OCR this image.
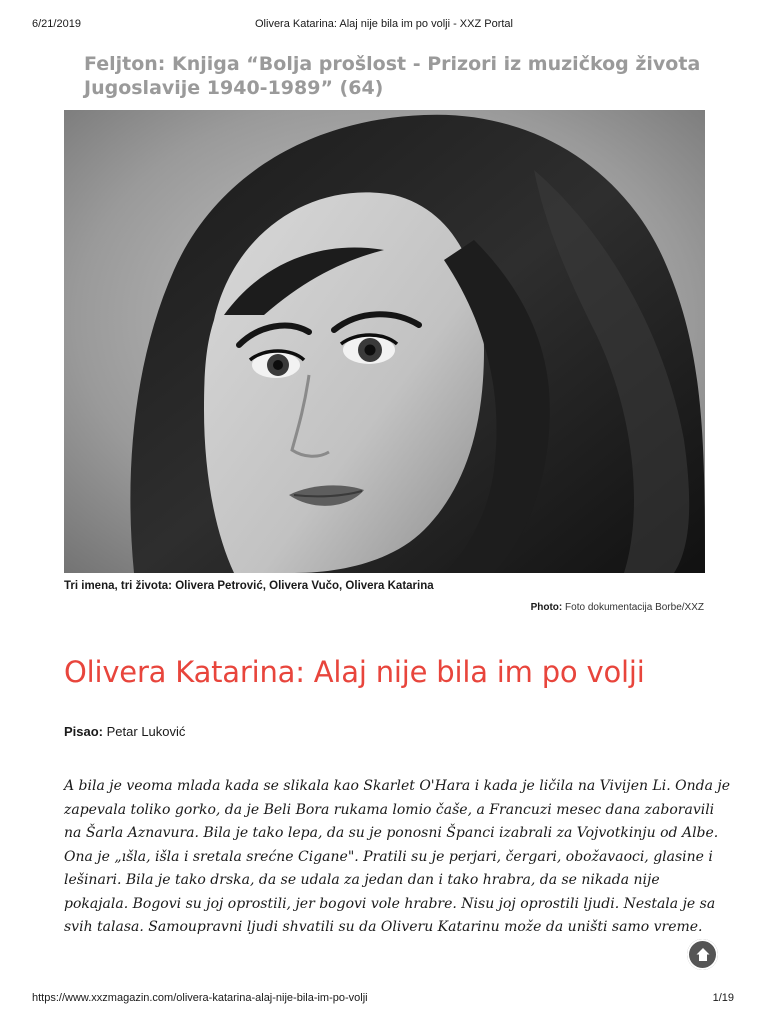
6/21/2019	Olivera Katarina: Alaj nije bila im po volji - XXZ Portal
Feljton: Knjiga “Bolja prošlost - Prizori iz muzičkog života Jugoslavije 1940-1989” (64)
Tri imena, tri života: Olivera Petrović, Olivera Vučo, Olivera Katarina
Photo: Foto dokumentacija Borbe/XXZ
Olivera Katarina: Alaj nije bila im po volji
Pisao: Petar Luković

A bila je veoma mlada kada se slikala kao Skarlet O'Hara i kada je ličila na Vivijen Li. Onda je
zapevala toliko gorko, da je Beli Bora rukama lomio čaše, a Francuzi mesec dana zaboravili
na Šarla Aznavura. Bila je tako lepa, da su je ponosni Španci izabrali za Vojvotkinju od Albe.
Ona je „ıšla, išla i sretala srećne Cigane". Pratili su je perjari, čergari, obožavaoci, glasine i
lešinari. Bila je tako drska, da se udala za jedan dan i tako hrabra, da se nikada nije
pokajala. Bogovi su joj oprostili, jer bogovi vole hrabre. Nisu joj oprostili ljudi. Nestala je sa
svih talasa. Samoupravni ljudi shvatili su da Oliveru Katarinu može da uništi samo vreme.

https://www.xxzmagazin.com/olivera-katarina-alaj-nije-bila-im-po-volji	1/19
